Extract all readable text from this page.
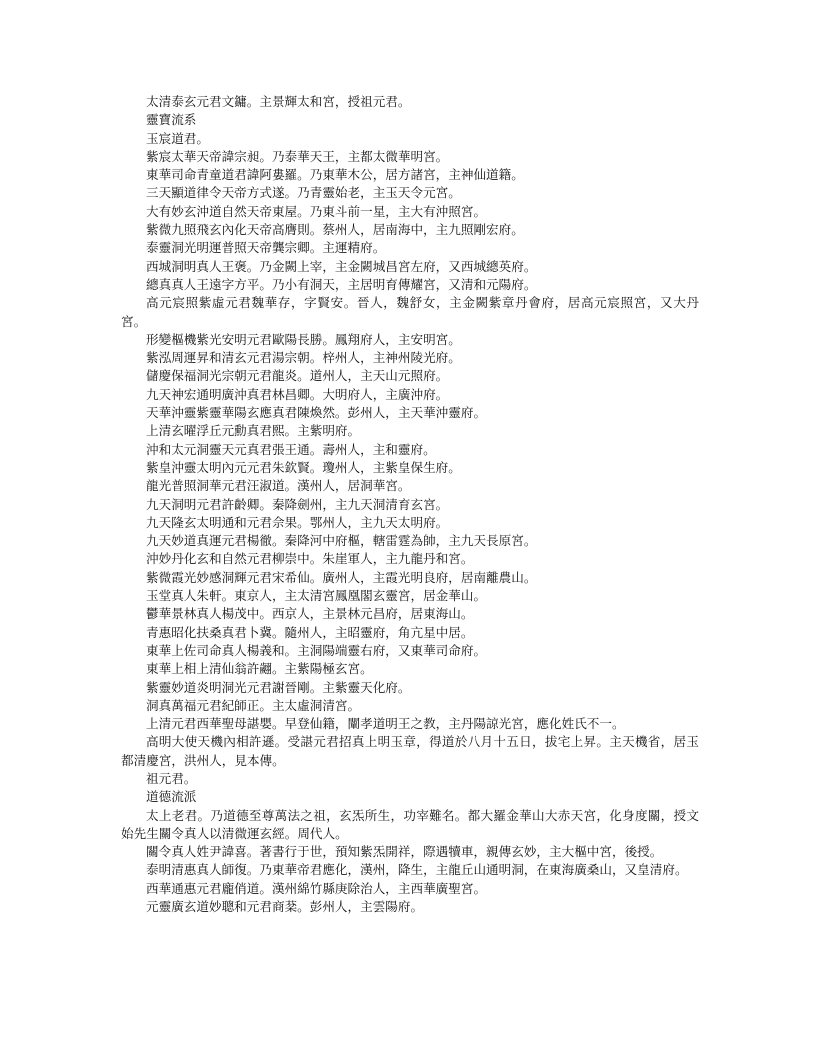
太清泰玄元君文鏞。主景輝太和宮，授祖元君。

靈寶流系

玉宸道君。

紫宸太華天帝諱宗昶。乃泰華天王，主都太微華明宮。

東華司命青童道君諱阿婁羅。乃東華木公，居方諸宮，主神仙道籍。

三天顯道律令天帝方式遂。乃青靈始老，主玉天令元宮。

大有妙玄沖道自然天帝東屋。乃東斗前一星，主大有沖照宮。

紫微九照飛玄內化天帝高膺則。蔡州人，居南海中，主九照剛宏府。

泰靈洞光明運普照天帝龔宗卿。主運精府。

西城洞明真人王褒。乃金闕上宰，主金闕城昌宮左府，又西城總英府。

總真真人王遠字方平。乃小有洞天，主居明育傳耀宮，又清和元陽府。

高元宸照紫虛元君魏華存，字賢安。晉人，魏舒女，主金闕紫章丹會府，居高元宸照宮，又大丹宮。

形變樞機紫光安明元君歐陽長勝。鳳翔府人，主安明宮。

紫泓周運昇和清玄元君湯宗朝。梓州人，主神州陵光府。

儲慶保福洞光宗朝元君龍炎。道州人，主天山元照府。

九天神宏通明廣沖真君林昌卿。大明府人，主廣沖府。

天華沖靈紫靈華陽玄應真君陳煥然。彭州人，主天華沖靈府。

上清玄曜浮丘元勳真君熙。主紫明府。

沖和太元洞靈天元真君張王通。壽州人，主和靈府。

紫皇沖靈太明內元元君朱欽賢。瓊州人，主紫皇保生府。

龍光普照洞華元君汪淑道。漢州人，居洞華宮。

九天洞明元君許齡卿。秦降劍州，主九天洞清育玄宮。

九天隆玄太明通和元君佘果。鄂州人，主九天太明府。

九天妙道真運元君楊徹。秦降河中府樞，轄雷霆為帥，主九天長原宮。

沖妙丹化玄和自然元君柳崇中。朱崖軍人，主九龍丹和宮。

紫微霞光妙感洞輝元君宋希仙。廣州人，主霞光明良府，居南離農山。

玉堂真人朱軒。東京人，主太清宮鳳凰閣玄靈宮，居金華山。

鬱華景林真人楊茂中。西京人，主景林元昌府，居東海山。

青惠昭化扶桑真君卜冀。隨州人，主昭靈府，角亢星中居。

東華上佐司命真人楊義和。主洞陽端靈右府，又東華司命府。

東華上相上清仙翁許翽。主紫陽極玄宮。

紫靈妙道炎明洞光元君謝晉剛。主紫靈天化府。

洞真萬福元君紀師正。主太虛洞清宮。

上清元君西華聖母諶嬰。早登仙籍，闡孝道明王之教，主丹陽諒光宮，應化姓氏不一。

高明大使天機內相許遜。受諶元君招真上明玉章，得道於八月十五日，拔宅上昇。主天機省，居玉都清慶宮，洪州人，見本傳。

祖元君。

道德流派

太上老君。乃道德至尊萬法之祖，玄炁所生，功宰難名。都大羅金華山大赤天宮，化身度關，授文始先生關令真人以清微運玄經。周代人。

關令真人姓尹諱喜。著書行于世，預知紫炁開祥，際遇犢車，親傳玄妙，主大樞中宮，後授。

泰明清惠真人師復。乃東華帝君應化，漢州，降生，主龍丘山通明洞，在東海廣桑山，又皇清府。

西華通惠元君龐俏道。漢州綿竹縣庚除治人，主西華廣聖宮。

元靈廣玄道妙聰和元君商棻。彭州人，主雲陽府。
